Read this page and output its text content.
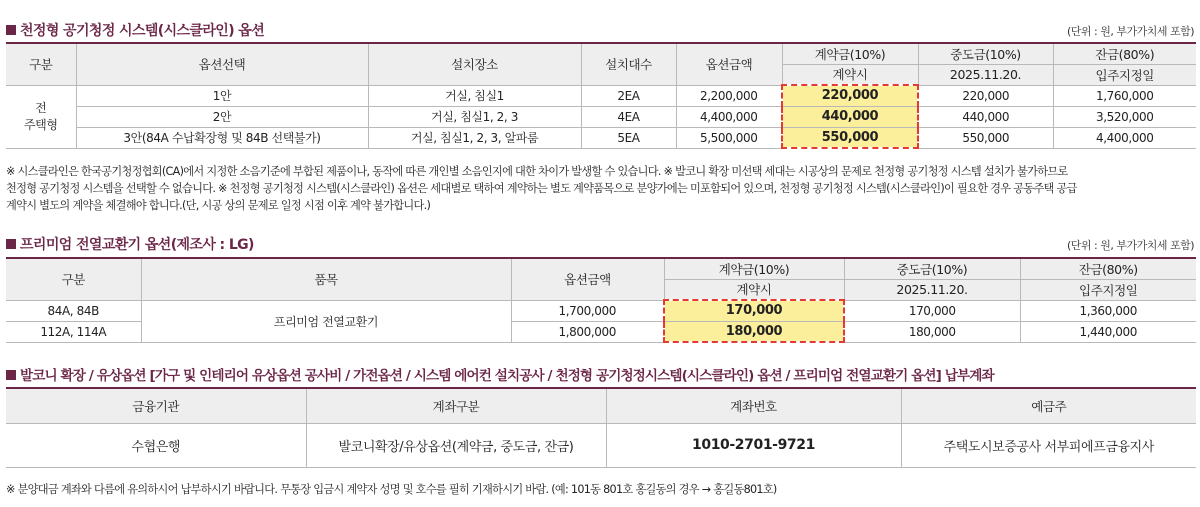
천정형 공기청정 시스템(시스클라인) 옵션	(단위 : 원, 부가가치세 포함)
구분	옵션선택	설치장소	설치대수	옵션금액	계약금(10%)	중도금(10%)	잔금(80%)
					계약시	2025.11.20.	입주지정일
전
주택형	1안	거실, 침실1	2EA	2,200,000	220,000	220,000	1,760,000
	2안	거실, 침실1, 2, 3	4EA	4,400,000	440,000	440,000	3,520,000
	3안(84A 수납확장형 및 84B 선택불가)	거실, 침실1, 2, 3, 알파룸	5EA	5,500,000	550,000	550,000	4,400,000
※ 시스클라인은 한국공기청정협회(CA)에서 지정한 소음기준에 부합된 제품이나, 동작에 따른 개인별 소음인지에 대한 차이가 발생할 수 있습니다. ※ 발코니 확장 미선택 세대는 시공상의 문제로 천정형 공기청정 시스템 설치가 불가하므로
천정형 공기청정 시스템을 선택할 수 없습니다. ※ 천정형 공기청정 시스템(시스클라인) 옵션은 세대별로 택하여 계약하는 별도 계약품목으로 분양가에는 미포함되어 있으며, 천정형 공기청정 시스템(시스클라인)이 필요한 경우 공동주택 공급
계약시 별도의 계약을 체결해야 합니다.(단, 시공 상의 문제로 일정 시점 이후 계약 불가합니다.)
프리미엄 전열교환기 옵션(제조사 : LG)	(단위 : 원, 부가가치세 포함)
구분	품목	옵션금액	계약금(10%)	중도금(10%)	잔금(80%)
			계약시	2025.11.20.	입주지정일
84A, 84B	프리미엄 전열교환기	1,700,000	170,000	170,000	1,360,000
112A, 114A		1,800,000	180,000	180,000	1,440,000
발코니 확장 / 유상옵션 [가구 및 인테리어 유상옵션 공사비 / 가전옵션 / 시스템 에어컨 설치공사 / 천정형 공기청정시스템(시스클라인) 옵션 / 프리미엄 전열교환기 옵션] 납부계좌
금융기관	계좌구분	계좌번호	예금주
수협은행	발코니확장/유상옵션(계약금, 중도금, 잔금)	1010-2701-9721	주택도시보증공사 서부피에프금융지사
※ 분양대금 계좌와 다름에 유의하시어 납부하시기 바랍니다. 무통장 입금시 계약자 성명 및 호수를 필히 기재하시기 바람. (예: 101동 801호 홍길동의 경우 → 홍길동801호)
